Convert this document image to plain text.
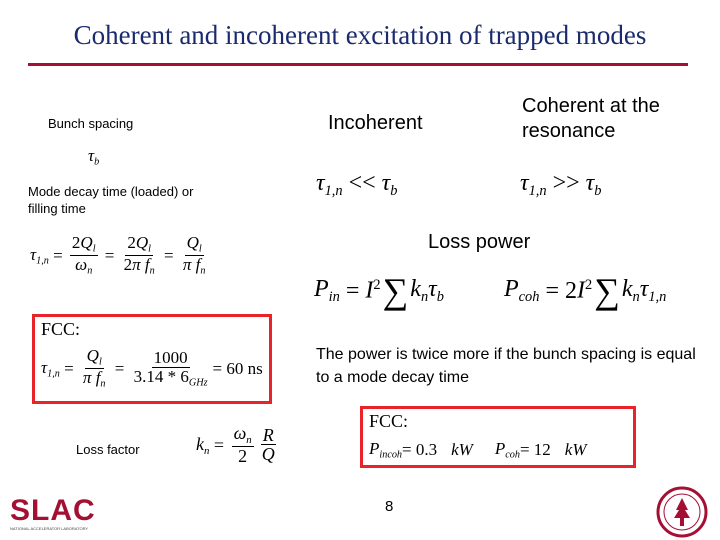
Coherent and incoherent excitation of trapped modes
Bunch spacing
$\tau_b$
Mode decay time (loaded) or filling time
$\tau_{1,n} = \frac{2Q_l}{\omega_n} = \frac{2Q_l}{2\pi f_n} = \frac{Q_l}{\pi f_n}$
FCC:
$\tau_{1,n} = \frac{Q_l}{\pi f_n} = \frac{1000}{3.14 * 6_{GHz}} = 60$ ns
Loss factor	$k_n = \frac{\omega_n}{2} \frac{R}{Q}$
Incoherent
Coherent at the resonance
$\tau_{1,n} << \tau_b$	$\tau_{1,n} >> \tau_b$
Loss power
$P_{in} = I^2$ ∑ $k_n\tau_b$	$P_{coh} = 2$ $I^2$ ∑ $k_n\tau_{1,n}$
The power is twice more if the bunch spacing is equal to a mode decay time
FCC:
$P_{incoh} = 0.3$ kW $P_{coh} = 12$ kW
8
SLAC
NATIONAL ACCELERATOR LABORATORY
